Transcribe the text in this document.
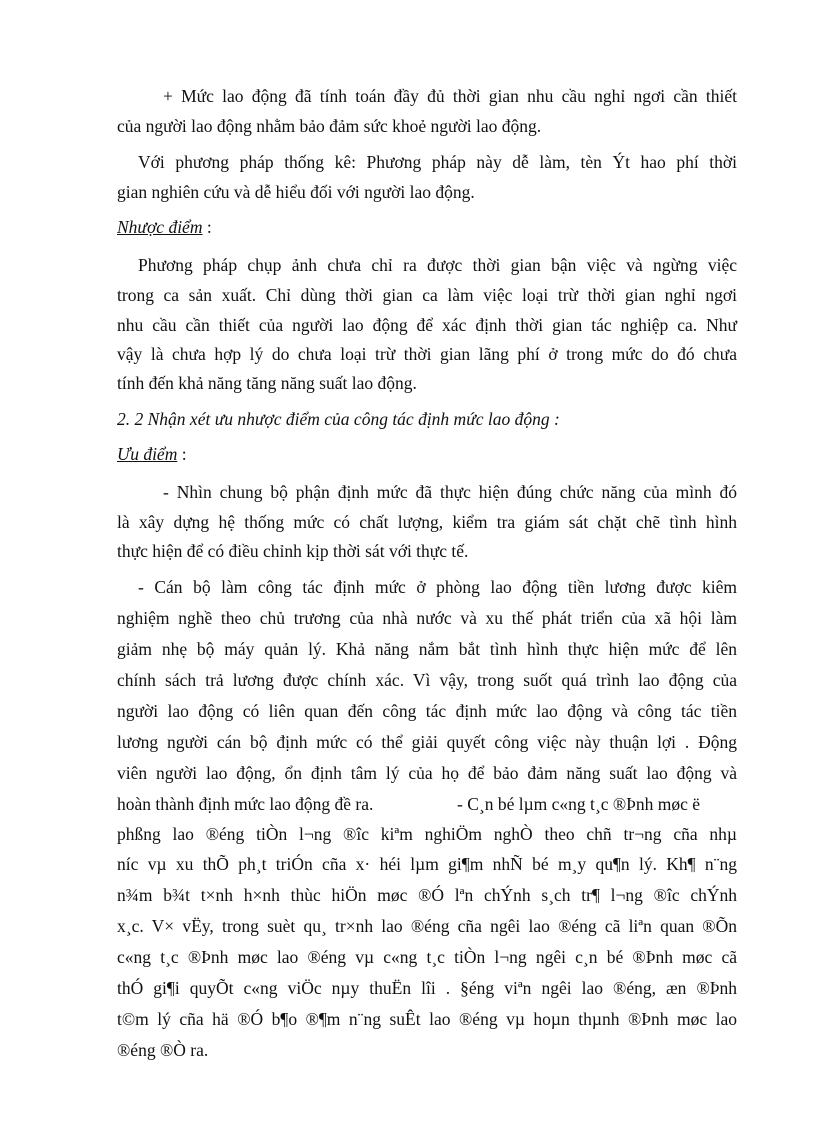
+ Mức lao động đã tính toán đầy đủ thời gian nhu cầu nghỉ ngơi cần thiết
của người lao động nhằm bảo đảm sức khoẻ người lao động.
Với phương pháp thống kê: Phương pháp này dễ làm, tèn Ýt hao phí thời
gian nghiên cứu và dễ hiểu đối với người lao động.
Nhược điểm :
Phương pháp chụp ảnh chưa chỉ ra được thời gian bận việc và ngừng việc
trong ca sản xuất. Chỉ dùng thời gian ca làm việc loại trừ thời gian nghỉ ngơi
nhu cầu cần thiết của người lao động để xác định thời gian tác nghiệp ca. Như
vậy là chưa hợp lý do chưa loại trừ thời gian lãng phí ở trong mức do đó chưa
tính đến khả năng tăng năng suất lao động.
2. 2 Nhận xét ưu nhược điểm của công tác định mức lao động :
Ưu điểm :
- Nhìn chung bộ phận định mức đã thực hiện đúng chức năng của mình đó
là xây dựng hệ thống mức có chất lượng, kiểm tra giám sát chặt chẽ tình hình
thực hiện để có điều chỉnh kịp thời sát với thực tế.
- Cán bộ làm công tác định mức ở phòng lao động tiền lương được kiêm
nghiệm nghề theo chủ trương của nhà nước và xu thế phát triển của xã hội làm
giảm nhẹ bộ máy quản lý. Khả năng nắm bắt tình hình thực hiện mức để lên
chính sách trả lương được chính xác. Vì vậy, trong suốt quá trình lao động của
người lao động có liên quan đến công tác định mức lao động và công tác tiền
lương người cán bộ định mức có thể giải quyết công việc này thuận lợi . Động
viên người lao động, ổn định tâm lý của họ để bảo đảm năng suất lao động và
hoàn thành định mức lao động đề ra.	- C¸n bé lµm c«ng t¸c ®Þnh møc ë
phßng lao ®éng tiÒn l¬ng ®îc kiªm nghiÖm nghÒ theo chñ tr¬ng cña nhµ
níc vµ xu thÕ ph¸t triÓn cña x· héi lµm gi¶m nhÑ bé m¸y qu¶n lý. Kh¶ n¨ng
n¾m b¾t t×nh h×nh thùc hiÖn møc ®Ó lªn chÝnh s¸ch tr¶ l¬ng ®îc chÝnh
x¸c. V× vËy, trong suèt qu¸ tr×nh lao ®éng cña ngêi lao ®éng cã liªn quan ®Õn
c«ng t¸c ®Þnh møc lao ®éng vµ c«ng t¸c tiÒn l¬ng ngêi c¸n bé ®Þnh møc cã
thÓ gi¶i quyÕt c«ng viÖc nµy thuËn lîi . §éng viªn ngêi lao ®éng, æn ®Þnh
t©m lý cña hä ®Ó b¶o ®¶m n¨ng suÊt lao ®éng vµ hoµn thµnh ®Þnh møc lao
®éng ®Ò ra.
